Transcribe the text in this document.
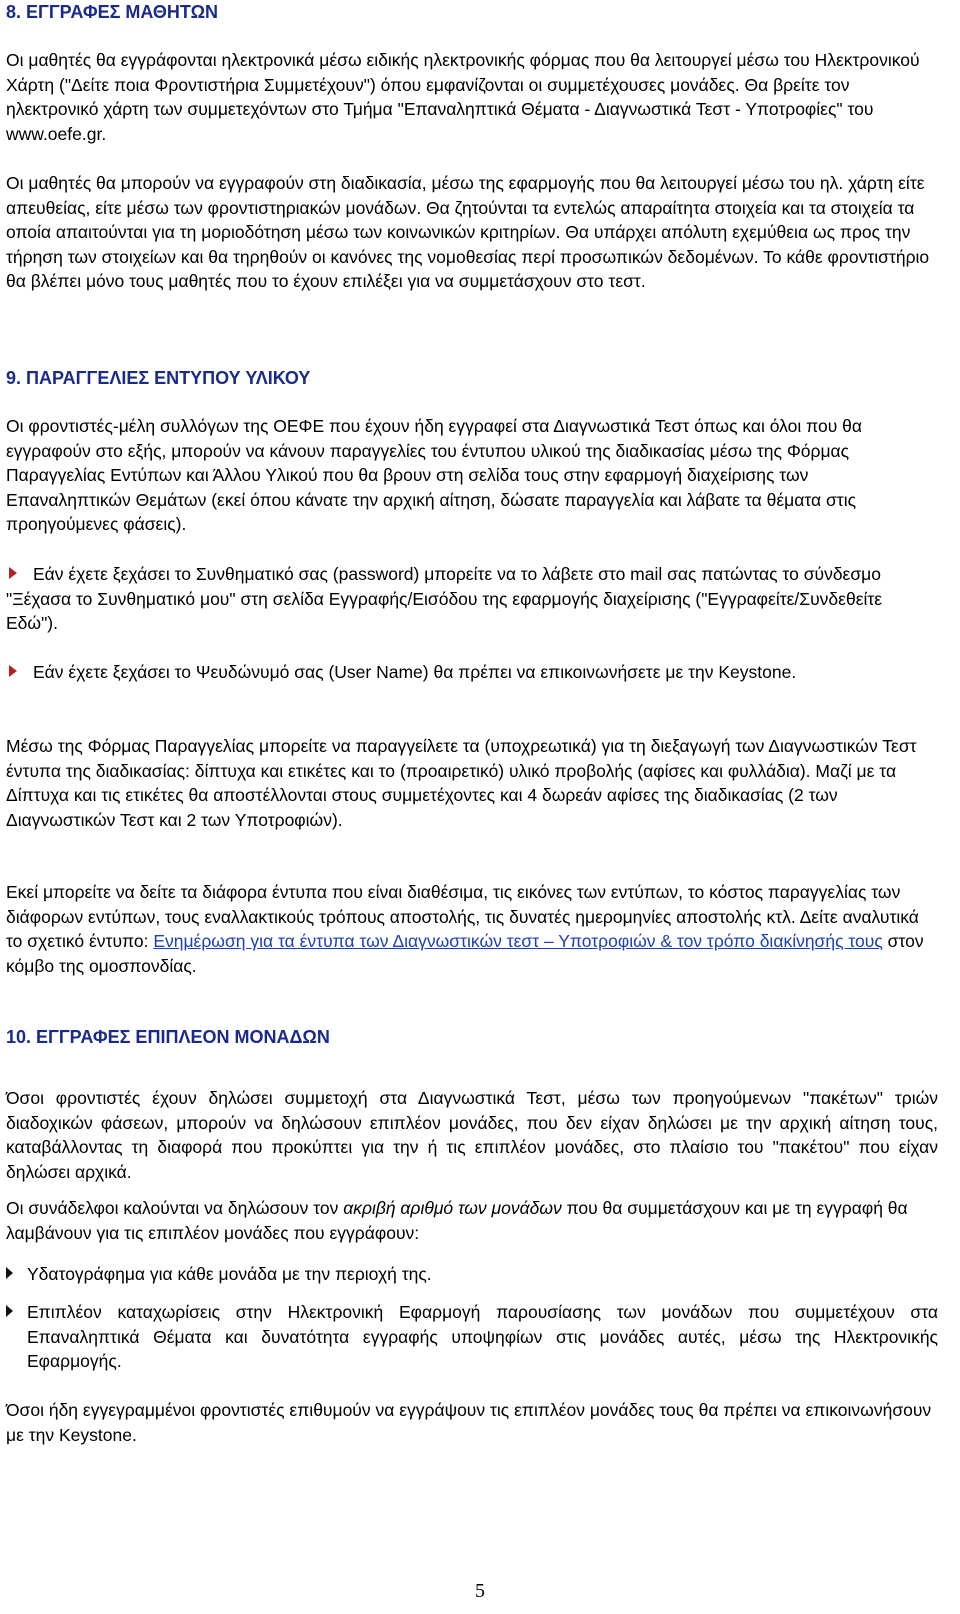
8. ΕΓΓΡΑΦΕΣ ΜΑΘΗΤΩΝ

Οι μαθητές θα εγγράφονται ηλεκτρονικά μέσω ειδικής ηλεκτρονικής φόρμας που θα λειτουργεί μέσω του Ηλεκτρονικού Χάρτη ("Δείτε ποια Φροντιστήρια Συμμετέχουν") όπου εμφανίζονται οι συμμετέχουσες μονάδες. Θα βρείτε τον ηλεκτρονικό χάρτη των συμμετεχόντων στο Τμήμα "Επαναληπτικά Θέματα - Διαγνωστικά Τεστ - Υποτροφίες" του www.oefe.gr.

Οι μαθητές θα μπορούν να εγγραφούν στη διαδικασία, μέσω της εφαρμογής που θα λειτουργεί μέσω του ηλ. χάρτη είτε απευθείας, είτε μέσω των φροντιστηριακών μονάδων. Θα ζητούνται τα εντελώς απαραίτητα στοιχεία και τα στοιχεία τα οποία απαιτούνται για τη μοριοδότηση μέσω των κοινωνικών κριτηρίων. Θα υπάρχει απόλυτη εχεμύθεια ως προς την τήρηση των στοιχείων και θα τηρηθούν οι κανόνες της νομοθεσίας περί προσωπικών δεδομένων. Το κάθε φροντιστήριο θα βλέπει μόνο τους μαθητές που το έχουν επιλέξει για να συμμετάσχουν στο τεστ.

9. ΠΑΡΑΓΓΕΛΙΕΣ ΕΝΤΥΠΟΥ ΥΛΙΚΟΥ

Οι φροντιστές-μέλη συλλόγων της ΟΕΦΕ που έχουν ήδη εγγραφεί στα Διαγνωστικά Τεστ όπως και όλοι που θα εγγραφούν στο εξής, μπορούν να κάνουν παραγγελίες του έντυπου υλικού της διαδικασίας μέσω της Φόρμας Παραγγελίας Εντύπων και Άλλου Υλικού που θα βρουν στη σελίδα τους στην εφαρμογή διαχείρισης των Επαναληπτικών Θεμάτων (εκεί όπου κάνατε την αρχική αίτηση, δώσατε παραγγελία και λάβατε τα θέματα στις προηγούμενες φάσεις).

Εάν έχετε ξεχάσει το Συνθηματικό σας (password) μπορείτε να το λάβετε στο mail σας πατώντας το σύνδεσμο "Ξέχασα το Συνθηματικό μου" στη σελίδα Εγγραφής/Εισόδου της εφαρμογής διαχείρισης ("Εγγραφείτε/Συνδεθείτε Εδώ").

Εάν έχετε ξεχάσει το Ψευδώνυμό σας (User Name) θα πρέπει να επικοινωνήσετε με την Keystone.

Μέσω της Φόρμας Παραγγελίας μπορείτε να παραγγείλετε τα (υποχρεωτικά) για τη διεξαγωγή των Διαγνωστικών Τεστ έντυπα της διαδικασίας: δίπτυχα και ετικέτες και το (προαιρετικό) υλικό προβολής (αφίσες και φυλλάδια). Μαζί με τα Δίπτυχα και τις ετικέτες θα αποστέλλονται στους συμμετέχοντες και 4 δωρεάν αφίσες της διαδικασίας (2 των Διαγνωστικών Τεστ και 2 των Υποτροφιών).

Εκεί μπορείτε να δείτε τα διάφορα έντυπα που είναι διαθέσιμα, τις εικόνες των εντύπων, το κόστος παραγγελίας των διάφορων εντύπων, τους εναλλακτικούς τρόπους αποστολής, τις δυνατές ημερομηνίες αποστολής κτλ. Δείτε αναλυτικά το σχετικό έντυπο: Ενημέρωση για τα έντυπα των Διαγνωστικών τεστ – Υποτροφιών & τον τρόπο διακίνησής τους στον κόμβο της ομοσπονδίας.

10. ΕΓΓΡΑΦΕΣ ΕΠΙΠΛΕΟΝ ΜΟΝΑΔΩΝ

Όσοι φροντιστές έχουν δηλώσει συμμετοχή στα Διαγνωστικά Τεστ, μέσω των προηγούμενων "πακέτων" τριών διαδοχικών φάσεων, μπορούν να δηλώσουν επιπλέον μονάδες, που δεν είχαν δηλώσει με την αρχική αίτηση τους, καταβάλλοντας τη διαφορά που προκύπτει για την ή τις επιπλέον μονάδες, στο πλαίσιο του "πακέτου" που είχαν δηλώσει αρχικά.

Οι συνάδελφοι καλούνται να δηλώσουν τον ακριβή αριθμό των μονάδων που θα συμμετάσχουν και με τη εγγραφή θα λαμβάνουν για τις επιπλέον μονάδες που εγγράφουν:

Υδατογράφημα για κάθε μονάδα με την περιοχή της.
Επιπλέον καταχωρίσεις στην Ηλεκτρονική Εφαρμογή παρουσίασης των μονάδων που συμμετέχουν στα Επαναληπτικά Θέματα και δυνατότητα εγγραφής υποψηφίων στις μονάδες αυτές, μέσω της Ηλεκτρονικής Εφαρμογής.

Όσοι ήδη εγγεγραμμένοι φροντιστές επιθυμούν να εγγράψουν τις επιπλέον μονάδες τους θα πρέπει να επικοινωνήσουν με την Keystone.

5
